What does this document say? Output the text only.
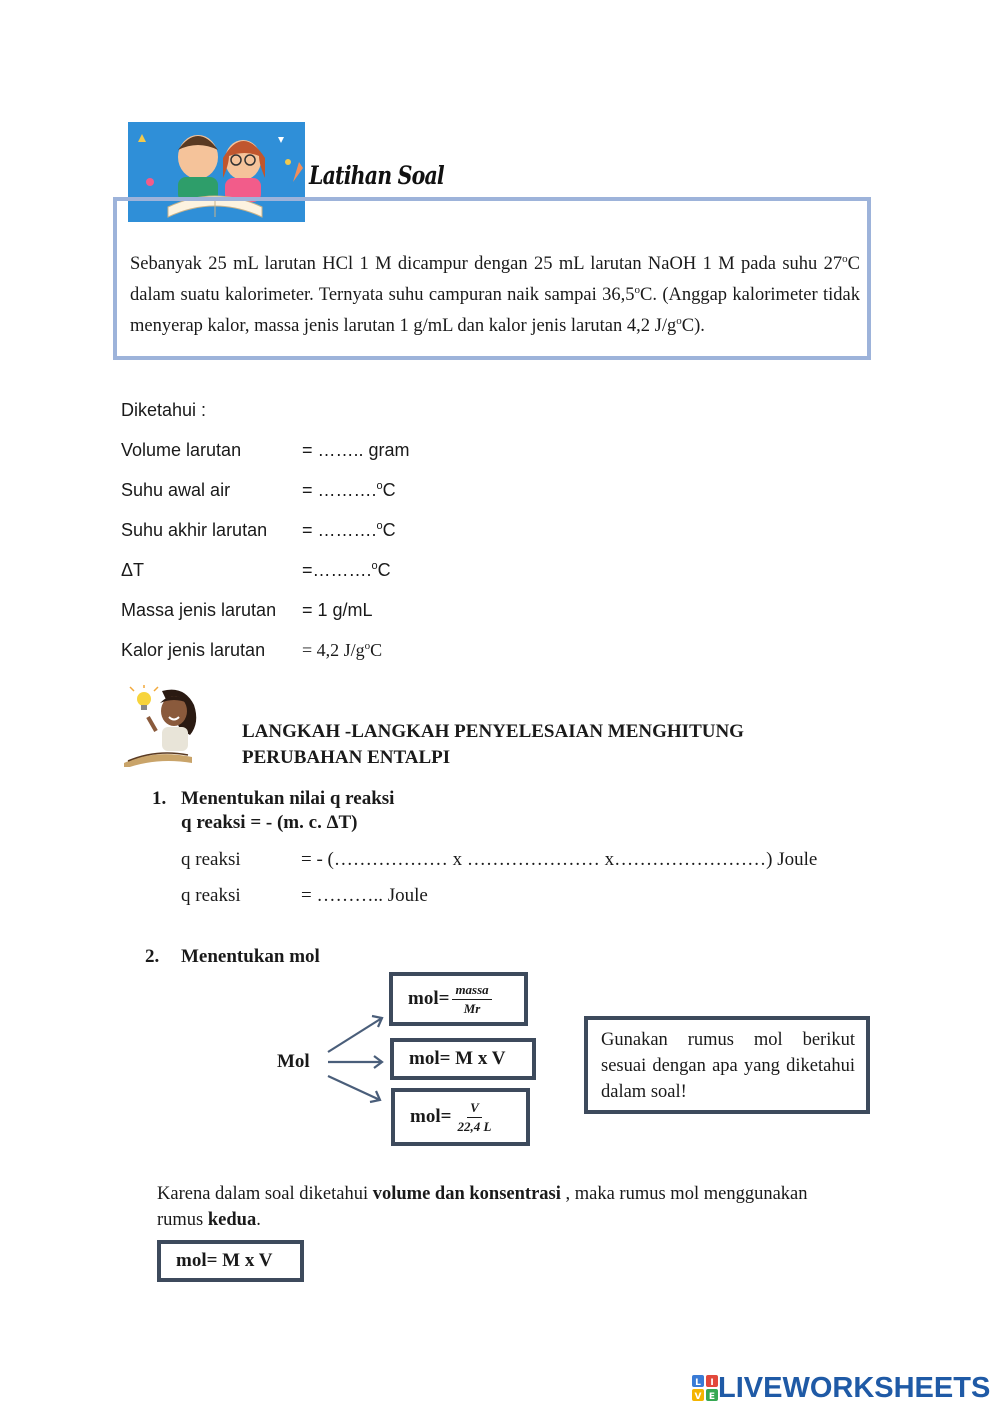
Latihan Soal
Sebanyak 25 mL larutan HCl 1 M dicampur dengan 25 mL larutan NaOH 1 M pada suhu 27$^o$C dalam suatu kalorimeter. Ternyata suhu campuran naik sampai 36,5$^o$C. (Anggap kalorimeter tidak menyerap kalor, massa jenis larutan 1 g/mL dan kalor jenis larutan 4,2 $J/g^oC$).
Diketahui :
Volume larutan	= …….. gram
Suhu awal air	= ……….$^o$C
Suhu akhir larutan = ……….$^o$C
ΔT	=……….$^o$C
Massa jenis larutan = 1 g/mL
Kalor jenis larutan = 4,2 $J/g^oC$
LANGKAH -LANGKAH PENYELESAIAN MENGHITUNG
PERUBAHAN ENTALPI
1. Menentukan nilai q reaksi
q reaksi = - (m. c. ΔT)
q reaksi	= - (……………… x ………………… x……………………) Joule
q reaksi	= ……….. Joule
2. Menentukan mol
Mol
$mol= \frac{\text{massa}}{Mr}$
mol= M x V
$mol= \frac{V}{22,4 L}$
Gunakan rumus mol berikut sesuai dengan apa yang diketahui dalam soal!
Karena dalam soal diketahui volume dan konsentrasi , maka rumus mol menggunakan rumus kedua.
mol= M x V
L I
V E LIVEWORKSHEETS
